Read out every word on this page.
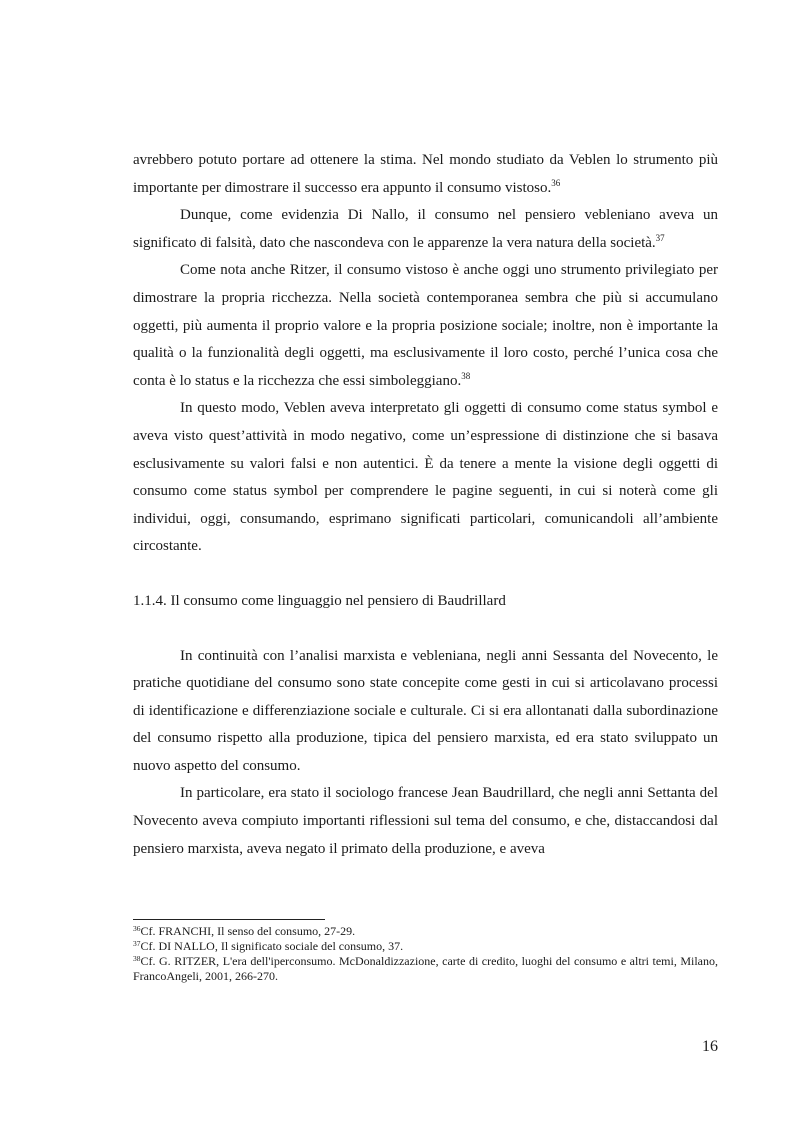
avrebbero potuto portare ad ottenere la stima. Nel mondo studiato da Veblen lo strumento più importante per dimostrare il successo era appunto il consumo vistoso.$^{36}$

Dunque, come evidenzia Di Nallo, il consumo nel pensiero vebleniano aveva un significato di falsità, dato che nascondeva con le apparenze la vera natura della società.$^{37}$

Come nota anche Ritzer, il consumo vistoso è anche oggi uno strumento privilegiato per dimostrare la propria ricchezza. Nella società contemporanea sembra che più si accumulano oggetti, più aumenta il proprio valore e la propria posizione sociale; inoltre, non è importante la qualità o la funzionalità degli oggetti, ma esclusivamente il loro costo, perché l’unica cosa che conta è lo status e la ricchezza che essi simboleggiano.$^{38}$

In questo modo, Veblen aveva interpretato gli oggetti di consumo come status symbol e aveva visto quest’attività in modo negativo, come un’espressione di distinzione che si basava esclusivamente su valori falsi e non autentici. È da tenere a mente la visione degli oggetti di consumo come status symbol per comprendere le pagine seguenti, in cui si noterà come gli individui, oggi, consumando, esprimano significati particolari, comunicandoli all’ambiente circostante.

1.1.4. Il consumo come linguaggio nel pensiero di Baudrillard

In continuità con l’analisi marxista e vebleniana, negli anni Sessanta del Novecento, le pratiche quotidiane del consumo sono state concepite come gesti in cui si articolavano processi di identificazione e differenziazione sociale e culturale. Ci si era allontanati dalla subordinazione del consumo rispetto alla produzione, tipica del pensiero marxista, ed era stato sviluppato un nuovo aspetto del consumo.

In particolare, era stato il sociologo francese Jean Baudrillard, che negli anni Settanta del Novecento aveva compiuto importanti riflessioni sul tema del consumo, e che, distaccandosi dal pensiero marxista, aveva negato il primato della produzione, e aveva

$^{36}$Cf. FRANCHI, Il senso del consumo, 27-29.

$^{37}$Cf. DI NALLO, Il significato sociale del consumo, 37.

$^{38}$Cf. G. RITZER, L'era dell'iperconsumo. McDonaldizzazione, carte di credito, luoghi del consumo e altri temi, Milano, FrancoAngeli, 2001, 266-270.

16
